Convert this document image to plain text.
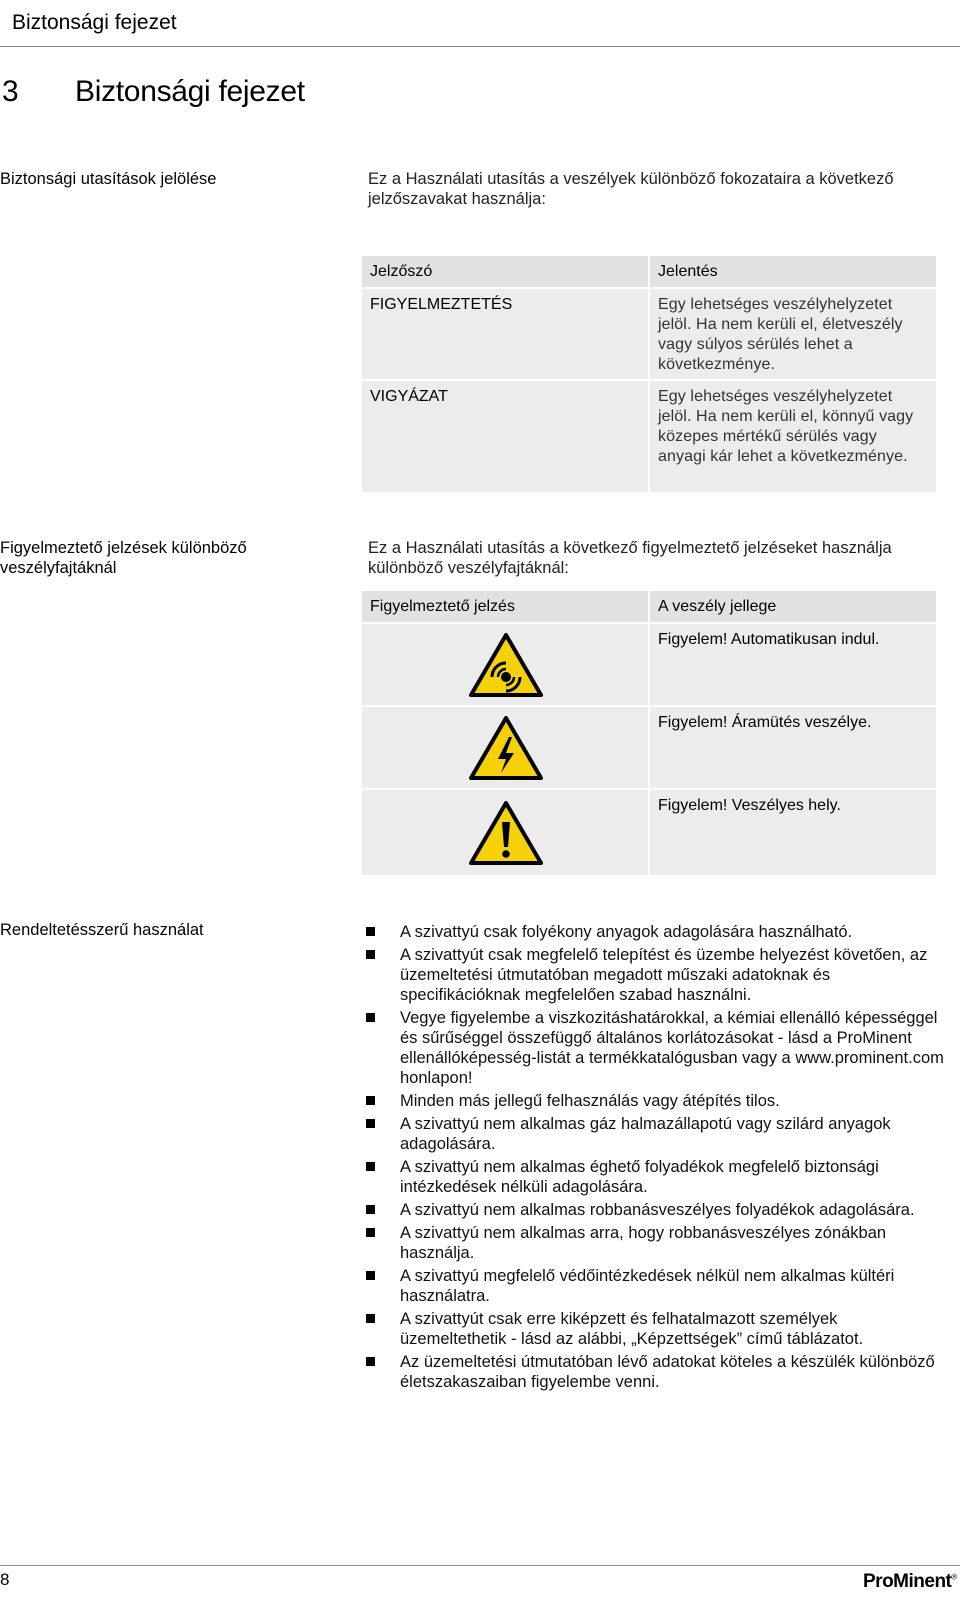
Biztonsági fejezet
3 Biztonsági fejezet
Biztonsági utasítások jelölése	Ez a Használati utasítás a veszélyek különböző fokozataira a következő jelzőszavakat használja:
Jelzőszó	Jelentés
FIGYELMEZTETÉS	Egy lehetséges veszélyhelyzetet jelöl. Ha nem kerüli el, életveszély vagy súlyos sérülés lehet a következménye.
VIGYÁZAT	Egy lehetséges veszélyhelyzetet jelöl. Ha nem kerüli el, könnyű vagy közepes mértékű sérülés vagy anyagi kár lehet a következménye.
Figyelmeztető jelzések különböző veszélyfajtáknál
Ez a Használati utasítás a következő figyelmeztető jelzéseket használja különböző veszélyfajtáknál:
Figyelmeztető jelzés	A veszély jellege
Figyelem! Automatikusan indul.
Figyelem! Áramütés veszélye.
Figyelem! Veszélyes hely.
Rendeltetésszerű használat	A szivattyú csak folyékony anyagok adagolására használható.
A szivattyút csak megfelelő telepítést és üzembe helyezést követően, az üzemeltetési útmutatóban megadott műszaki adatoknak és specifikációknak megfelelően szabad használni.
Vegye figyelembe a viszkozitáshatárokkal, a kémiai ellenálló képességgel és sűrűséggel összefüggő általános korlátozásokat - lásd a ProMinent ellenállóképesség-listát a termékkatalógusban vagy a www.prominent.com honlapon!
Minden más jellegű felhasználás vagy átépítés tilos.
A szivattyú nem alkalmas gáz halmazállapotú vagy szilárd anyagok adagolására.
A szivattyú nem alkalmas éghető folyadékok megfelelő biztonsági intézkedések nélküli adagolására.
A szivattyú nem alkalmas robbanásveszélyes folyadékok adagolására.
A szivattyú nem alkalmas arra, hogy robbanásveszélyes zónákban használja.
A szivattyú megfelelő védőintézkedések nélkül nem alkalmas kültéri használatra.
A szivattyút csak erre kiképzett és felhatalmazott személyek üzemeltethetik - lásd az alábbi, „Képzettségek” című táblázatot.
Az üzemeltetési útmutatóban lévő adatokat köteles a készülék különböző életszakaszaiban figyelembe venni.
8	ProMinent®
